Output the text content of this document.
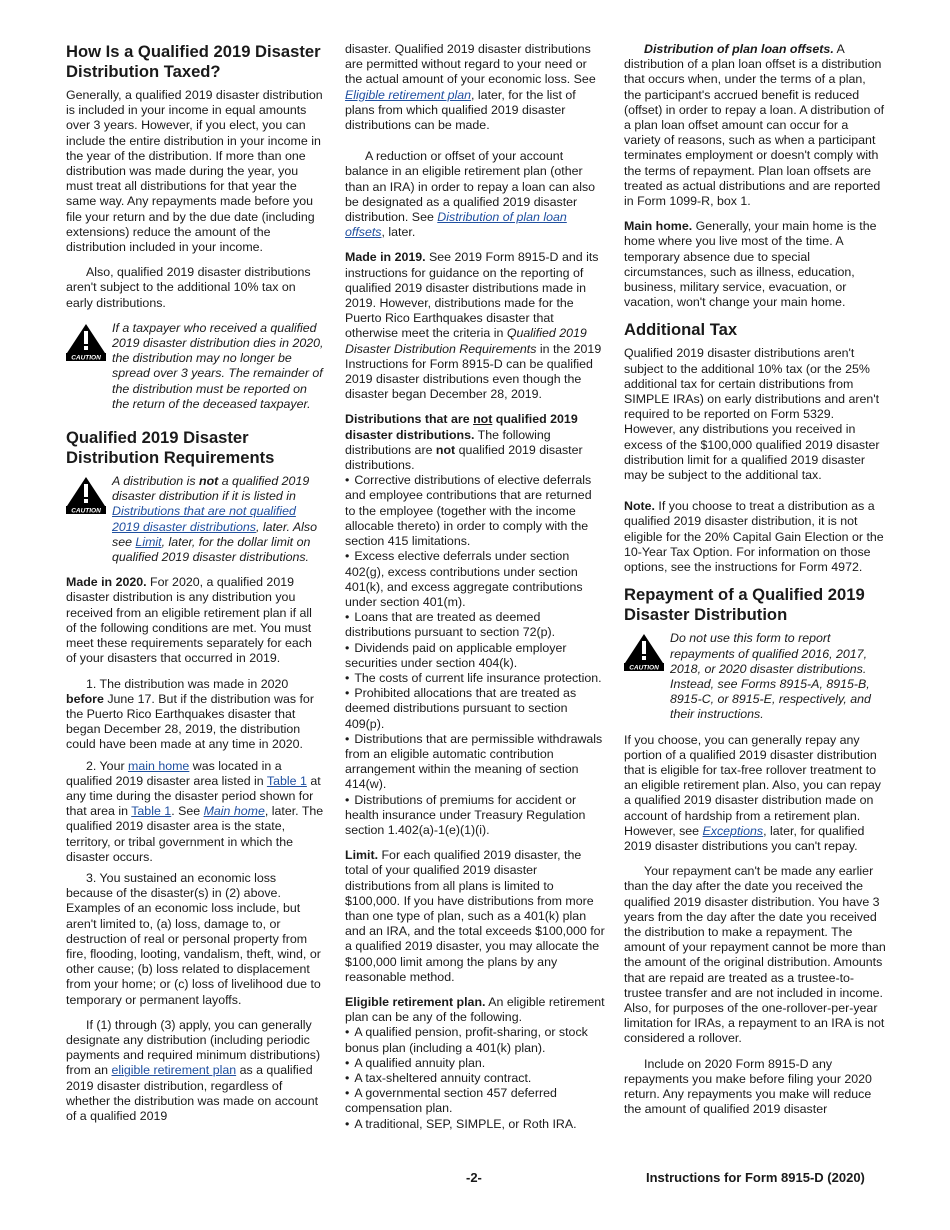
How Is a Qualified 2019 Disaster Distribution Taxed?

Generally, a qualified 2019 disaster distribution is included in your income in equal amounts over 3 years. However, if you elect, you can include the entire distribution in your income in the year of the distribution. If more than one distribution was made during the year, you must treat all distributions for that year the same way. Any repayments made before you file your return and by the due date (including extensions) reduce the amount of the distribution included in your income.

Also, qualified 2019 disaster distributions aren't subject to the additional 10% tax on early distributions.

CAUTION
If a taxpayer who received a qualified 2019 disaster distribution dies in 2020, the distribution may no longer be spread over 3 years. The remainder of the distribution must be reported on the return of the deceased taxpayer.
Qualified 2019 Disaster Distribution Requirements
CAUTION
A distribution is not a qualified 2019 disaster distribution if it is listed in Distributions that are not qualified 2019 disaster distributions, later. Also see Limit, later, for the dollar limit on qualified 2019 disaster distributions.

Made in 2020. For 2020, a qualified 2019 disaster distribution is any distribution you received from an eligible retirement plan if all of the following conditions are met. You must meet these requirements separately for each of your disasters that occurred in 2019.

1. The distribution was made in 2020 before June 17. But if the distribution was for the Puerto Rico Earthquakes disaster that began December 28, 2019, the distribution could have been made at any time in 2020.

2. Your main home was located in a qualified 2019 disaster area listed in Table 1 at any time during the disaster period shown for that area in Table 1. See Main home, later. The qualified 2019 disaster area is the state, territory, or tribal government in which the disaster occurs.

3. You sustained an economic loss because of the disaster(s) in (2) above. Examples of an economic loss include, but aren't limited to, (a) loss, damage to, or destruction of real or personal property from fire, flooding, looting, vandalism, theft, wind, or other cause; (b) loss related to displacement from your home; or (c) loss of livelihood due to temporary or permanent layoffs.

If (1) through (3) apply, you can generally designate any distribution (including periodic payments and required minimum distributions) from an eligible retirement plan as a qualified 2019 disaster distribution, regardless of whether the distribution was made on account of a qualified 2019

disaster. Qualified 2019 disaster distributions are permitted without regard to your need or the actual amount of your economic loss. See Eligible retirement plan, later, for the list of plans from which qualified 2019 disaster distributions can be made.

A reduction or offset of your account balance in an eligible retirement plan (other than an IRA) in order to repay a loan can also be designated as a qualified 2019 disaster distribution. See Distribution of plan loan offsets, later.

Made in 2019. See 2019 Form 8915-D and its instructions for guidance on the reporting of qualified 2019 disaster distributions made in 2019. However, distributions made for the Puerto Rico Earthquakes disaster that otherwise meet the criteria in Qualified 2019 Disaster Distribution Requirements in the 2019 Instructions for Form 8915-D can be qualified 2019 disaster distributions even though the disaster began December 28, 2019.

Distributions that are not qualified 2019 disaster distributions. The following distributions are not qualified 2019 disaster distributions.

• Corrective distributions of elective deferrals and employee contributions that are returned to the employee (together with the income allocable thereto) in order to comply with the section 415 limitations.
• Excess elective deferrals under section 402(g), excess contributions under section 401(k), and excess aggregate contributions under section 401(m).
• Loans that are treated as deemed distributions pursuant to section 72(p).
• Dividends paid on applicable employer securities under section 404(k).
• The costs of current life insurance protection.
• Prohibited allocations that are treated as deemed distributions pursuant to section 409(p).
• Distributions that are permissible withdrawals from an eligible automatic contribution arrangement within the meaning of section 414(w).
• Distributions of premiums for accident or health insurance under Treasury Regulation section 1.402(a)-1(e)(1)(i).

Limit. For each qualified 2019 disaster, the total of your qualified 2019 disaster distributions from all plans is limited to $100,000. If you have distributions from more than one type of plan, such as a 401(k) plan and an IRA, and the total exceeds $100,000 for a qualified 2019 disaster, you may allocate the $100,000 limit among the plans by any reasonable method.

Eligible retirement plan. An eligible retirement plan can be any of the following.

• A qualified pension, profit-sharing, or stock bonus plan (including a 401(k) plan).
• A qualified annuity plan.
• A tax-sheltered annuity contract.
• A governmental section 457 deferred compensation plan.
• A traditional, SEP, SIMPLE, or Roth IRA.

Distribution of plan loan offsets. A distribution of a plan loan offset is a distribution that occurs when, under the terms of a plan, the participant's accrued benefit is reduced (offset) in order to repay a loan. A distribution of a plan loan offset amount can occur for a variety of reasons, such as when a participant terminates employment or doesn't comply with the terms of repayment. Plan loan offsets are treated as actual distributions and are reported in Form 1099-R, box 1.

Main home. Generally, your main home is the home where you live most of the time. A temporary absence due to special circumstances, such as illness, education, business, military service, evacuation, or vacation, won't change your main home.

Additional Tax

Qualified 2019 disaster distributions aren't subject to the additional 10% tax (or the 25% additional tax for certain distributions from SIMPLE IRAs) on early distributions and aren't required to be reported on Form 5329. However, any distributions you received in excess of the $100,000 qualified 2019 disaster distribution limit for a qualified 2019 disaster may be subject to the additional tax.

Note. If you choose to treat a distribution as a qualified 2019 disaster distribution, it is not eligible for the 20% Capital Gain Election or the 10-Year Tax Option. For information on those options, see the instructions for Form 4972.

Repayment of a Qualified 2019 Disaster Distribution
CAUTION
Do not use this form to report repayments of qualified 2016, 2017, 2018, or 2020 disaster distributions. Instead, see Forms 8915-A, 8915-B, 8915-C, or 8915-E, respectively, and their instructions.

If you choose, you can generally repay any portion of a qualified 2019 disaster distribution that is eligible for tax-free rollover treatment to an eligible retirement plan. Also, you can repay a qualified 2019 disaster distribution made on account of hardship from a retirement plan. However, see Exceptions, later, for qualified 2019 disaster distributions you can't repay.

Your repayment can't be made any earlier than the day after the date you received the qualified 2019 disaster distribution. You have 3 years from the day after the date you received the distribution to make a repayment. The amount of your repayment cannot be more than the amount of the original distribution. Amounts that are repaid are treated as a trustee-to-trustee transfer and are not included in income. Also, for purposes of the one-rollover-per-year limitation for IRAs, a repayment to an IRA is not considered a rollover.

Include on 2020 Form 8915-D any repayments you make before filing your 2020 return. Any repayments you make will reduce the amount of qualified 2019 disaster

-2-	Instructions for Form 8915-D (2020)
